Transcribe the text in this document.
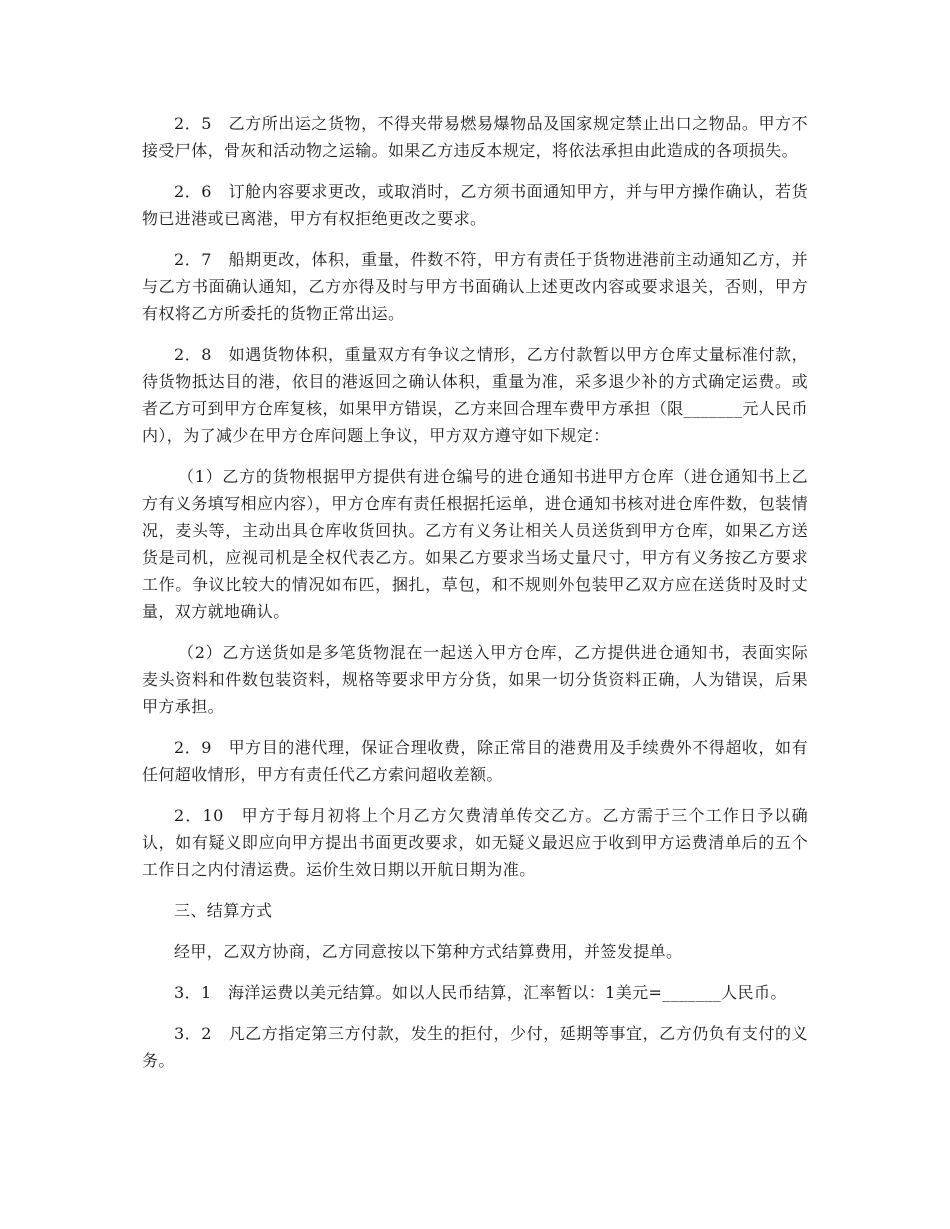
2．5　乙方所出运之货物，不得夹带易燃易爆物品及国家规定禁止出口之物品。甲方不接受尸体，骨灰和活动物之运输。如果乙方违反本规定，将依法承担由此造成的各项损失。

2．6　订舱内容要求更改，或取消时，乙方须书面通知甲方，并与甲方操作确认，若货物已进港或已离港，甲方有权拒绝更改之要求。

2．7　船期更改，体积，重量，件数不符，甲方有责任于货物进港前主动通知乙方，并与乙方书面确认通知，乙方亦得及时与甲方书面确认上述更改内容或要求退关，否则，甲方有权将乙方所委托的货物正常出运。

2．8　如遇货物体积，重量双方有争议之情形，乙方付款暂以甲方仓库丈量标准付款，待货物抵达目的港，依目的港返回之确认体积，重量为准，采多退少补的方式确定运费。或者乙方可到甲方仓库复核，如果甲方错误，乙方来回合理车费甲方承担（限_______元人民币内），为了减少在甲方仓库问题上争议，甲方双方遵守如下规定：

（1）乙方的货物根据甲方提供有进仓编号的进仓通知书进甲方仓库（进仓通知书上乙方有义务填写相应内容），甲方仓库有责任根据托运单，进仓通知书核对进仓库件数，包装情况，麦头等，主动出具仓库收货回执。乙方有义务让相关人员送货到甲方仓库，如果乙方送货是司机，应视司机是全权代表乙方。如果乙方要求当场丈量尺寸，甲方有义务按乙方要求工作。争议比较大的情况如布匹，捆扎，草包，和不规则外包装甲乙双方应在送货时及时丈量，双方就地确认。

（2）乙方送货如是多笔货物混在一起送入甲方仓库，乙方提供进仓通知书，表面实际麦头资料和件数包装资料，规格等要求甲方分货，如果一切分货资料正确，人为错误，后果甲方承担。

2．9　甲方目的港代理，保证合理收费，除正常目的港费用及手续费外不得超收，如有任何超收情形，甲方有责任代乙方索问超收差额。

2．10　甲方于每月初将上个月乙方欠费清单传交乙方。乙方需于三个工作日予以确认，如有疑义即应向甲方提出书面更改要求，如无疑义最迟应于收到甲方运费清单后的五个工作日之内付清运费。运价生效日期以开航日期为准。

三、结算方式

经甲，乙双方协商，乙方同意按以下第种方式结算费用，并签发提单。

3．1　海洋运费以美元结算。如以人民币结算，汇率暂以：1美元=_______人民币。

3．2　凡乙方指定第三方付款，发生的拒付，少付，延期等事宜，乙方仍负有支付的义务。
